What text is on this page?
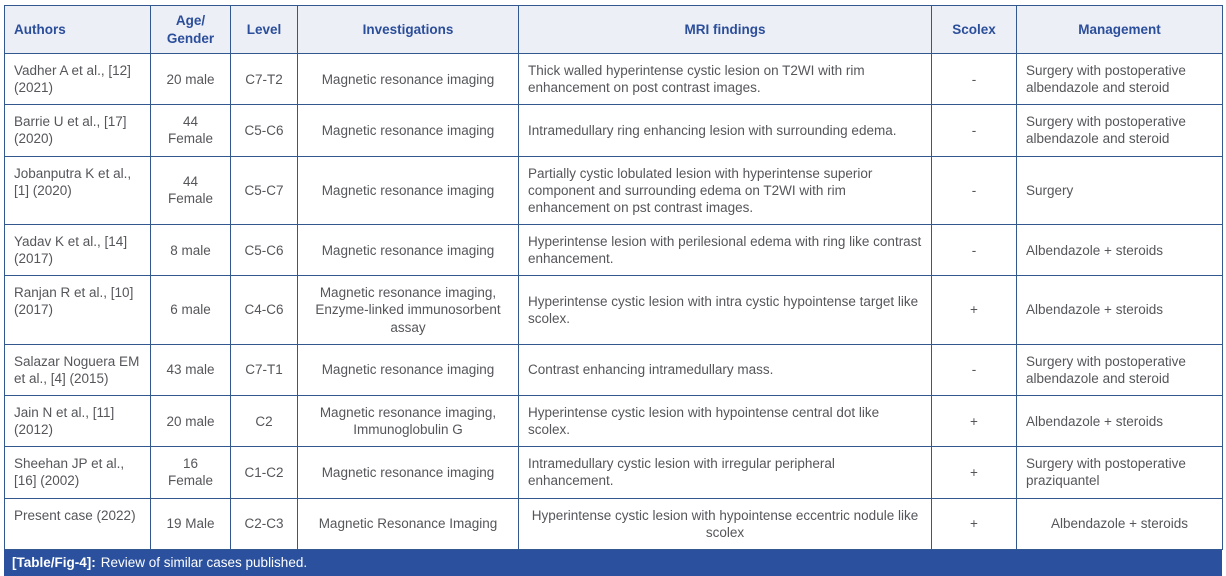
Authors	Age/ Gender	Level	Investigations	MRI findings	Scolex	Management
Vadher A et al., [12] (2021)	20 male	C7-T2	Magnetic resonance imaging	Thick walled hyperintense cystic lesion on T2WI with rim enhancement on post contrast images.	-	Surgery with postoperative albendazole and steroid
Barrie U et al., [17] (2020)	44 Female	C5-C6	Magnetic resonance imaging	Intramedullary ring enhancing lesion with surrounding edema.	-	Surgery with postoperative albendazole and steroid
Jobanputra K et al., [1] (2020)	44 Female	C5-C7	Magnetic resonance imaging	Partially cystic lobulated lesion with hyperintense superior component and surrounding edema on T2WI with rim enhancement on pst contrast images.	-	Surgery
Yadav K et al., [14] (2017)	8 male	C5-C6	Magnetic resonance imaging	Hyperintense lesion with perilesional edema with ring like contrast enhancement.	-	Albendazole + steroids
Ranjan R et al., [10] (2017)	6 male	C4-C6	Magnetic resonance imaging, Enzyme-linked immunosorbent assay	Hyperintense cystic lesion with intra cystic hypointense target like scolex.	+	Albendazole + steroids
Salazar Noguera EM et al., [4] (2015)	43 male	C7-T1	Magnetic resonance imaging	Contrast enhancing intramedullary mass.	-	Surgery with postoperative albendazole and steroid
Jain N et al., [11] (2012)	20 male	C2	Magnetic resonance imaging, Immunoglobulin G	Hyperintense cystic lesion with hypointense central dot like scolex.	+	Albendazole + steroids
Sheehan JP et al., [16] (2002)	16 Female	C1-C2	Magnetic resonance imaging	Intramedullary cystic lesion with irregular peripheral enhancement.	+	Surgery with postoperative praziquantel
Present case (2022)	19 Male	C2-C3	Magnetic Resonance Imaging	Hyperintense cystic lesion with hypointense eccentric nodule like scolex	+	Albendazole + steroids
[Table/Fig-4]: Review of similar cases published.
